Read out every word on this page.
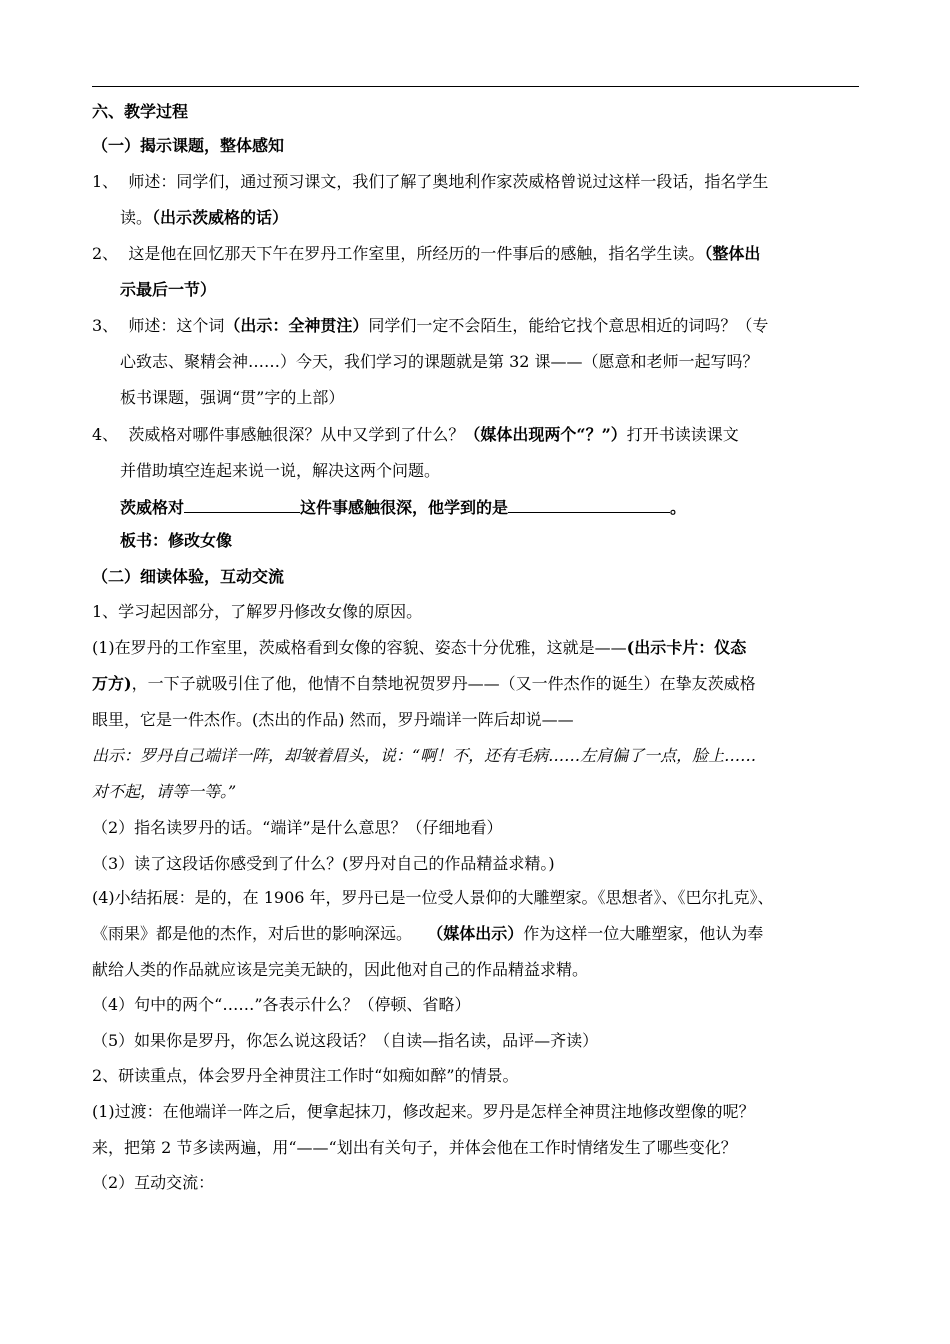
六、教学过程
（一）揭示课题，整体感知
1、 师述：同学们，通过预习课文，我们了解了奥地利作家茨威格曾说过这样一段话，指名学生
读。（出示茨威格的话）
2、 这是他在回忆那天下午在罗丹工作室里，所经历的一件事后的感触，指名学生读。（整体出
示最后一节）
3、 师述：这个词（出示：全神贯注）同学们一定不会陌生，能给它找个意思相近的词吗？（专
心致志、聚精会神……）今天，我们学习的课题就是第 32 课——（愿意和老师一起写吗？
板书课题，强调“贯”字的上部）
4、 茨威格对哪件事感触很深？从中又学到了什么？（媒体出现两个“？”）打开书读读课文
并借助填空连起来说一说，解决这两个问题。
茨威格对	这件事感触很深，他学到的是	。
板书：修改女像
（二）细读体验，互动交流
1、学习起因部分，了解罗丹修改女像的原因。
(1)在罗丹的工作室里，茨威格看到女像的容貌、姿态十分优雅，这就是——(出示卡片：仪态
万方)，一下子就吸引住了他，他情不自禁地祝贺罗丹——（又一件杰作的诞生）在挚友茨威格
眼里，它是一件杰作。(杰出的作品) 然而，罗丹端详一阵后却说——
出示：罗丹自己端详一阵，却皱着眉头，说：“啊！不，还有毛病……左肩偏了一点，脸上……
对不起，请等一等。”
（2）指名读罗丹的话。“端详”是什么意思？（仔细地看）
（3）读了这段话你感受到了什么？(罗丹对自己的作品精益求精。)
(4)小结拓展：是的，在 1906 年，罗丹已是一位受人景仰的大雕塑家。《思想者》、《巴尔扎克》、
《雨果》都是他的杰作，对后世的影响深远。 （媒体出示）作为这样一位大雕塑家，他认为奉
献给人类的作品就应该是完美无缺的，因此他对自己的作品精益求精。
（4）句中的两个“……”各表示什么？（停顿、省略）
（5）如果你是罗丹，你怎么说这段话？（自读—指名读，品评—齐读）
2、研读重点，体会罗丹全神贯注工作时“如痴如醉”的情景。
(1)过渡：在他端详一阵之后，便拿起抹刀，修改起来。罗丹是怎样全神贯注地修改塑像的呢？
来，把第 2 节多读两遍，用“——“划出有关句子，并体会他在工作时情绪发生了哪些变化？
（2）互动交流：
